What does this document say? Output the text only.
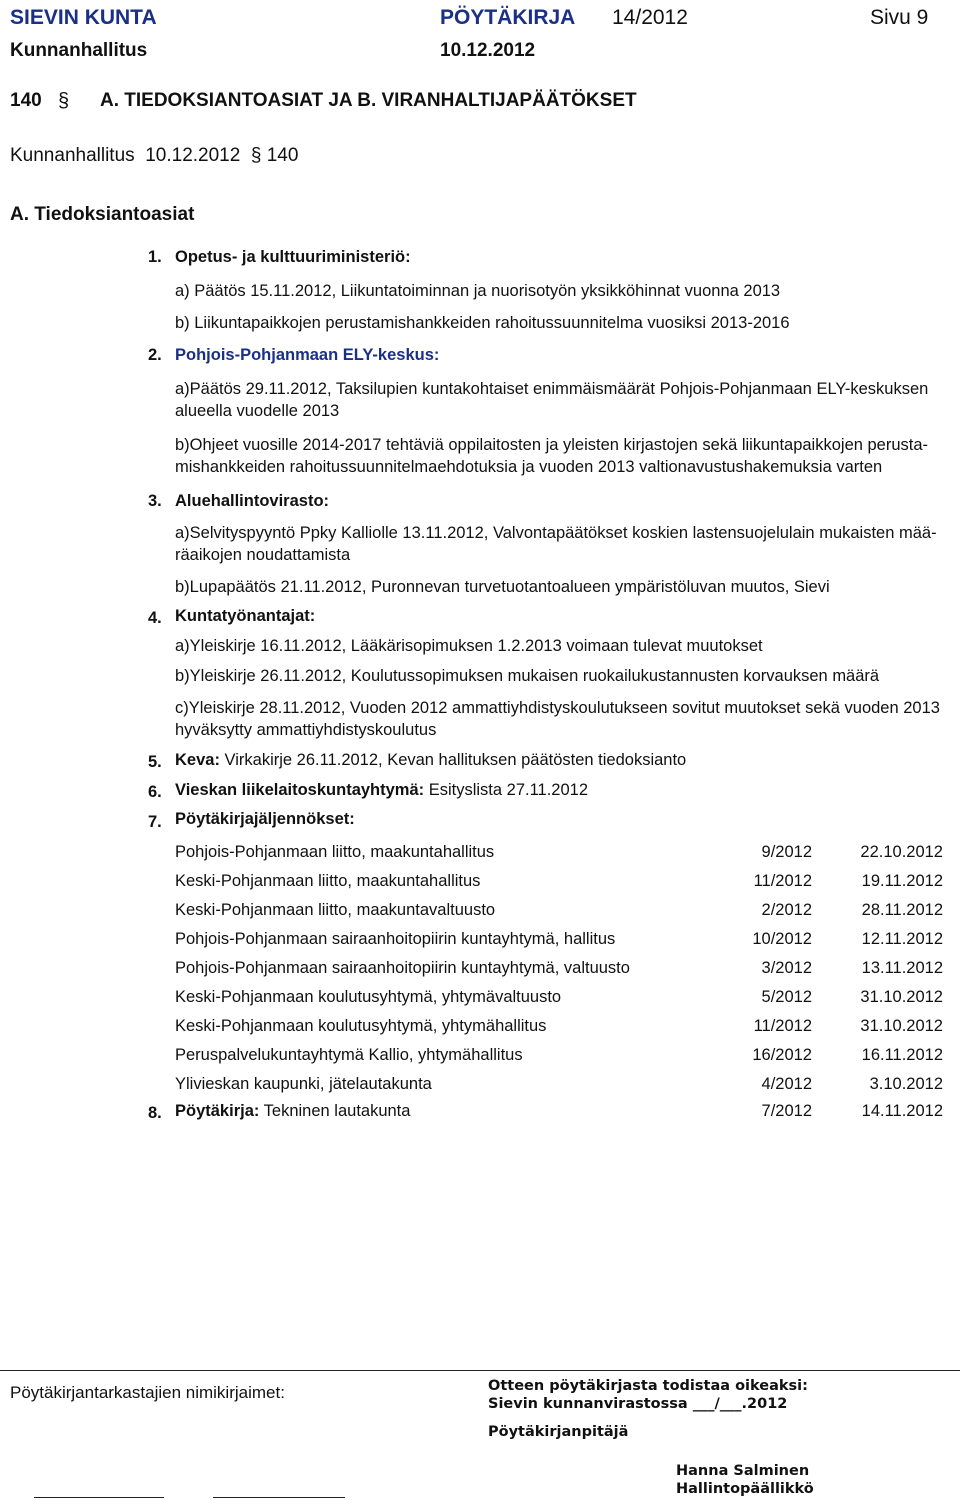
SIEVIN KUNTA	PÖYTÄKIRJA 14/2012	Sivu 9
Kunnanhallitus	10.12.2012
140 § A. TIEDOKSIANTOASIAT JA B. VIRANHALTIJAPÄÄTÖKSET
Kunnanhallitus  10.12.2012  § 140
A. Tiedoksiantoasiat
1. Opetus- ja kulttuuriministeriö:
a) Päätös 15.11.2012, Liikuntatoiminnan ja nuorisotyön yksikköhinnat vuonna 2013
b) Liikuntapaikkojen perustamishankkeiden rahoitussuunnitelma vuosiksi 2013-2016
2. Pohjois-Pohjanmaan ELY-keskus:
a)Päätös 29.11.2012, Taksilupien kuntakohtaiset enimmäismäärät Pohjois-Pohjanmaan ELY-keskuksen
alueella vuodelle 2013
b)Ohjeet vuosille 2014-2017 tehtäviä oppilaitosten ja yleisten kirjastojen sekä liikuntapaikkojen perusta-
mishankkeiden rahoitussuunnitelmaehdotuksia ja vuoden 2013 valtionavustushakemuksia varten
3. Aluehallintovirasto:
a)Selvityspyyntö Ppky Kalliolle 13.11.2012, Valvontapäätökset koskien lastensuojelulain mukaisten mää-
räaikojen noudattamista
b)Lupapäätös 21.11.2012, Puronnevan turvetuotantoalueen ympäristöluvan muutos, Sievi
4. Kuntatyönantajat:
a)Yleiskirje 16.11.2012, Lääkärisopimuksen 1.2.2013 voimaan tulevat muutokset
b)Yleiskirje 26.11.2012, Koulutussopimuksen mukaisen ruokailukustannusten korvauksen määrä
c)Yleiskirje 28.11.2012, Vuoden 2012 ammattiyhdistyskoulutukseen sovitut muutokset sekä vuoden 2013
hyväksytty ammattiyhdistyskoulutus
5. Keva: Virkakirje 26.11.2012, Kevan hallituksen päätösten tiedoksianto
6. Vieskan liikelaitoskuntayhtymä: Esityslista 27.11.2012
7. Pöytäkirjajäljennökset:
Pohjois-Pohjanmaan liitto, maakuntahallitus	9/2012	22.10.2012
Keski-Pohjanmaan liitto, maakuntahallitus	11/2012	19.11.2012
Keski-Pohjanmaan liitto, maakuntavaltuusto	2/2012	28.11.2012
Pohjois-Pohjanmaan sairaanhoitopiirin kuntayhtymä, hallitus	10/2012	12.11.2012
Pohjois-Pohjanmaan sairaanhoitopiirin kuntayhtymä, valtuusto	3/2012	13.11.2012
Keski-Pohjanmaan koulutusyhtymä, yhtymävaltuusto	5/2012	31.10.2012
Keski-Pohjanmaan koulutusyhtymä, yhtymähallitus	11/2012	31.10.2012
Peruspalvelukuntayhtymä Kallio, yhtymähallitus	16/2012	16.11.2012
Ylivieskan kaupunki, jätelautakunta	4/2012	3.10.2012
8. Pöytäkirja: Tekninen lautakunta	7/2012	14.11.2012
Pöytäkirjantarkastajien nimikirjaimet:	Otteen pöytäkirjasta todistaa oikeaksi:
Sievin kunnanvirastossa ___/___.2012
Pöytäkirjanpitäjä
Hanna Salminen
Hallintopäällikkö
